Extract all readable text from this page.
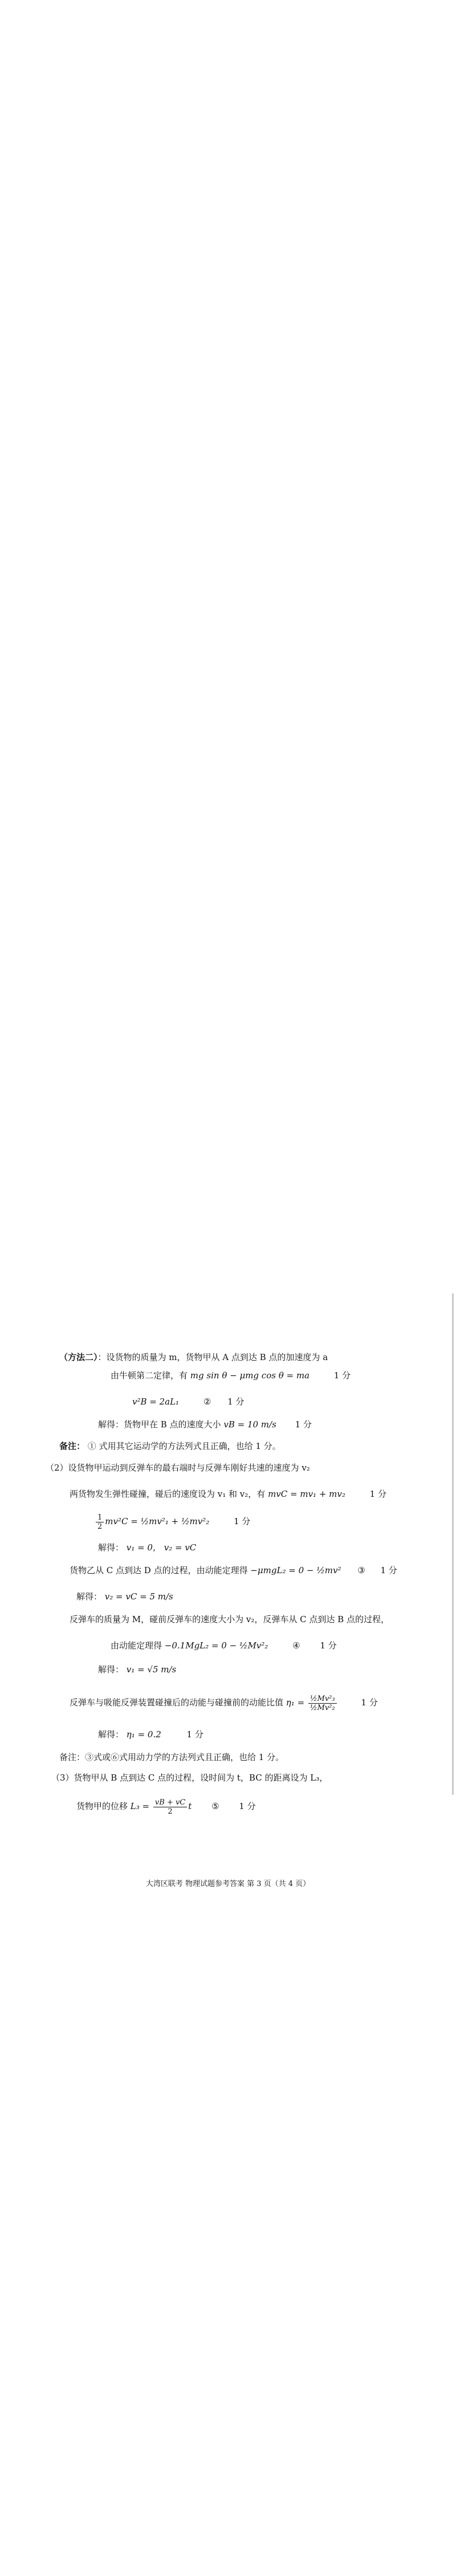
（方法二）：设货物的质量为 m，货物甲从 A 点到达 B 点的加速度为 a
由牛顿第二定律，有 mg sin θ − μmg cos θ = ma	1 分
v²B = 2aL₁	② 1 分
解得：货物甲在 B 点的速度大小 vB = 10 m/s 1 分
备注： ① 式用其它运动学的方法列式且正确，也给 1 分。
（2）设货物甲运动到反弹车的最右端时与反弹车刚好共速的速度为 v₂
两货物发生弹性碰撞，碰后的速度设为 v₁ 和 v₂，有 mvC = mv₁ + mv₂	1 分
$\frac{1}{2} mv^2C$ = ½mv²₁ + ½mv²₂	1 分
解得： v₁ = 0， v₂ = vC
货物乙从 C 点到达 D 点的过程，由动能定理得 −μmgL₂ = 0 − ½mv² ③ 1 分
解得： v₂ = vC = 5 m/s
反弹车的质量为 M，碰前反弹车的速度大小为 v₂，反弹车从 C 点到达 B 点的过程，
由动能定理得 −0.1MgL₂ = 0 − ½Mv²₂	④ 1 分
解得： v₁ = √5 m/s
反弹车与吸能反弹装置碰撞后的动能与碰撞前的动能比值 $\eta_1 = \frac{\text{½Mv²₃}}{\text{½Mv²₂}}$	1 分
解得： η₁ = 0.2	1 分
备注：③式或⑥式用动力学的方法列式且正确，也给 1 分。
（3）货物甲从 B 点到达 C 点的过程，设时间为 t，BC 的距离设为 L₃，
货物甲的位移 $L_3 = \frac{vB + vC}{2}$ t ⑤ 1 分
大湾区联考 物理试题参考答案 第 3 页（共 4 页）
